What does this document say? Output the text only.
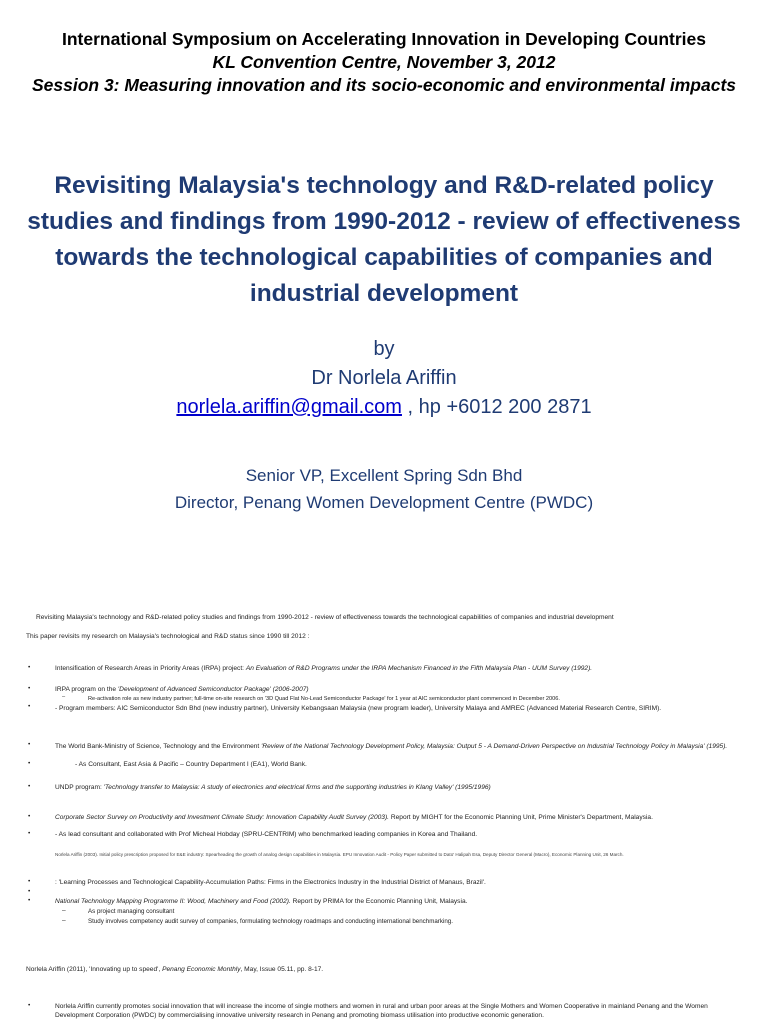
International Symposium on Accelerating Innovation in Developing Countries
KL Convention Centre, November 3, 2012
Session 3: Measuring innovation and its socio-economic and environmental impacts
Revisiting Malaysia's technology and R&D-related policy studies and findings from 1990-2012 - review of effectiveness towards the technological capabilities of companies and industrial development
by
Dr Norlela Ariffin
norlela.ariffin@gmail.com , hp +6012 200 2871
Senior VP, Excellent Spring Sdn Bhd
Director, Penang Women Development Centre (PWDC)
Revisiting Malaysia's technology and R&D-related policy studies and findings from 1990-2012 - review of effectiveness towards the technological capabilities of companies and industrial development
This paper revisits my research on Malaysia's technological and R&D status since 1990 till 2012 :
•	Intensification of Research Areas in Priority Areas (IRPA) project: An Evaluation of R&D Programs under the IRPA Mechanism Financed in the Fifth Malaysia Plan - UUM Survey (1992).
•	IRPA program on the 'Development of Advanced Semiconductor Package' (2006-2007)
–	Re-activation role as new industry partner; full-time on-site research on '3D Quad Flat No-Lead Semiconductor Package' for 1 year at AIC semiconductor plant commenced in December 2006.
•	- Program members: AIC Semiconductor Sdn Bhd (new industry partner), University Kebangsaan Malaysia (new program leader), University Malaya and AMREC (Advanced Material Research Centre, SIRIM).
•	The World Bank-Ministry of Science, Technology and the Environment 'Review of the National Technology Development Policy, Malaysia: Output 5 - A Demand-Driven Perspective on Industrial Technology Policy in Malaysia' (1995).
•	- As Consultant, East Asia & Pacific – Country Department I (EA1), World Bank.
•	UNDP program: 'Technology transfer to Malaysia: A study of electronics and electrical firms and the supporting industries in Klang Valley' (1995/1996)
•	Corporate Sector Survey on Productivity and Investment Climate Study: Innovation Capability Audit Survey (2003). Report by MIGHT for the Economic Planning Unit, Prime Minister's Department, Malaysia.
•	- As lead consultant and collaborated with Prof Micheal Hobday (SPRU-CENTRIM) who benchmarked leading companies in Korea and Thailand.
Norlela Ariffin (2003). Initial policy prescription proposed for E&E industry: Spearheading the growth of analog design capabilities in Malaysia. EPU Innovation Audit - Policy Paper submitted to Dato' Halipah Esa, Deputy Director General (Macro), Economic Planning Unit, 26 March.
•	: 'Learning Processes and Technological Capability-Accumulation Paths: Firms in the Electronics Industry in the Industrial District of Manaus, Brazil'.
•
•	National Technology Mapping Programme II: Wood, Machinery and Food (2002). Report by PRIMA for the Economic Planning Unit, Malaysia.
–	As project managing consultant
–	Study involves competency audit survey of companies, formulating technology roadmaps and conducting international benchmarking.
Norlela Ariffin (2011), 'Innovating up to speed', Penang Economic Monthly, May, Issue 05.11, pp. 8-17.
•	Norlela Ariffin currently promotes social innovation that will increase the income of single mothers and women in rural and urban poor areas at the Single Mothers and Women Cooperative in mainland Penang and the Women Development Corporation (PWDC) by commercialising innovative university research in Penang and promoting biomass utilisation into productive economic generation.
